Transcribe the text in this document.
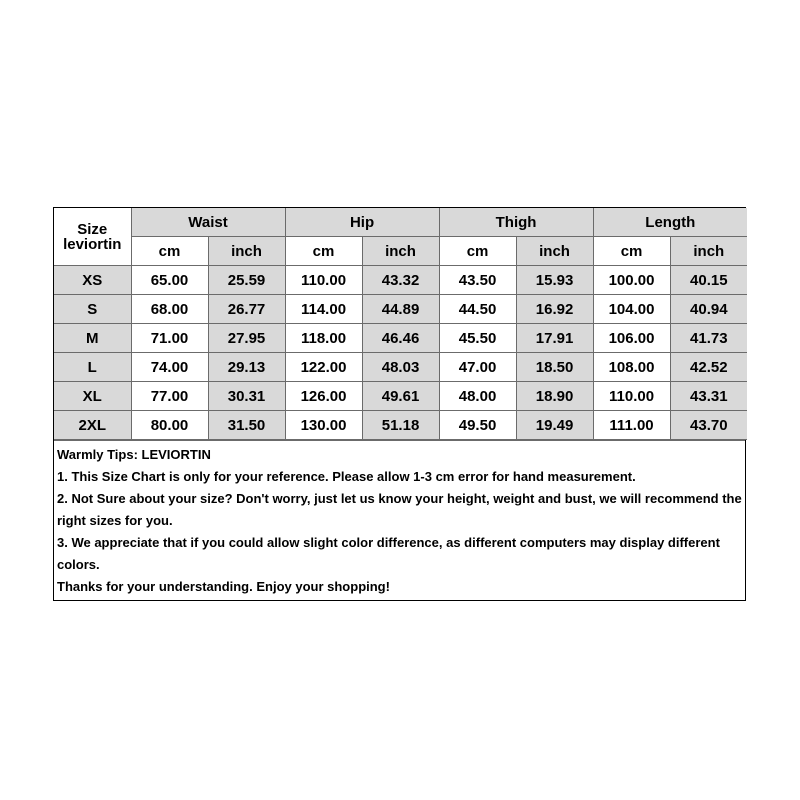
Size
leviortin	Waist		Hip		Thigh		Length	
	cm	inch	cm	inch	cm	inch	cm	inch
XS	65.00	25.59	110.00	43.32	43.50	15.93	100.00	40.15
S	68.00	26.77	114.00	44.89	44.50	16.92	104.00	40.94
M	71.00	27.95	118.00	46.46	45.50	17.91	106.00	41.73
L	74.00	29.13	122.00	48.03	47.00	18.50	108.00	42.52
XL	77.00	30.31	126.00	49.61	48.00	18.90	110.00	43.31
2XL	80.00	31.50	130.00	51.18	49.50	19.49	111.00	43.70

Warmly Tips: LEVIORTIN

1. This Size Chart is only for your reference. Please allow 1-3 cm error for hand measurement.

2. Not Sure about your size? Don't worry, just let us know your height, weight and bust, we will recommend the right sizes for you.

3. We appreciate that if you could allow slight color difference, as different computers may display different colors.

Thanks for your understanding. Enjoy your shopping!
